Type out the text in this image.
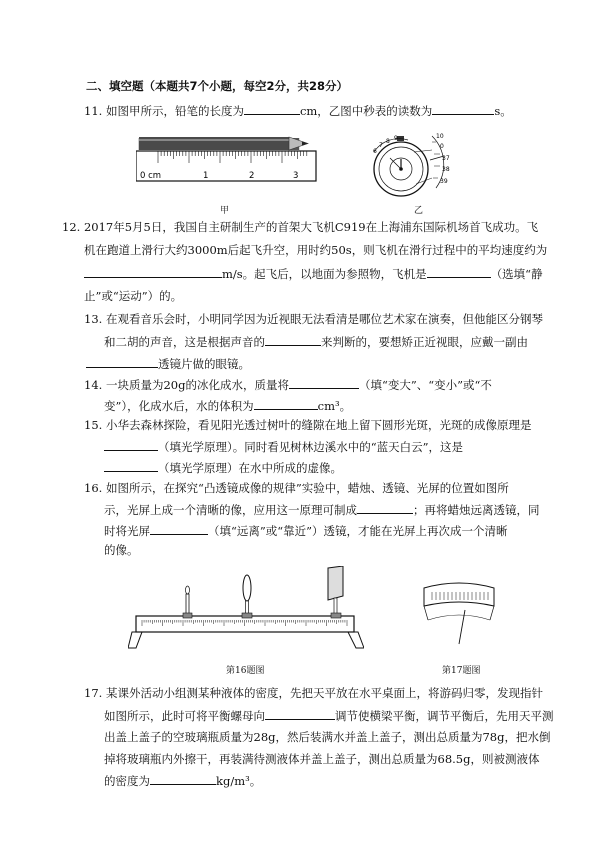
二、填空题（本题共7个小题，每空2分，共28分）
11. 如图甲所示，铅笔的长度为	cm，乙图中秒表的读数为	s。
0 cm	1	2	3
甲
6
7
8 9	10
0
37
38
39
乙
12. 2017年5月5日，我国自主研制生产的首架大飞机C919在上海浦东国际机场首飞成功。飞
机在跑道上滑行大约3000m后起飞升空，用时约50s，则飞机在滑行过程中的平均速度约为
m/s。起飞后，以地面为参照物，飞机是	（选填“静
止”或“运动”）的。
13. 在观看音乐会时，小明同学因为近视眼无法看清是哪位艺术家在演奏，但他能区分钢琴
和二胡的声音，这是根据声音的	来判断的，要想矫正近视眼，应戴一副由
透镜片做的眼镜。
14. 一块质量为20g的冰化成水，质量将	（填“变大”、“变小”或“不
变”），化成水后，水的体积为	cm³。
15. 小华去森林探险，看见阳光透过树叶的缝隙在地上留下圆形光斑，光斑的成像原理是
（填光学原理）。同时看见树林边溪水中的“蓝天白云”，这是
（填光学原理）在水中所成的虚像。
16. 如图所示，在探究“凸透镜成像的规律”实验中，蜡烛、透镜、光屏的位置如图所
示，光屏上成一个清晰的像，应用这一原理可制成	；再将蜡烛远离透镜，同
时将光屏	（填“远离”或“靠近”）透镜，才能在光屏上再次成一个清晰
的像。
第16题图	第17题图
17. 某课外活动小组测某种液体的密度，先把天平放在水平桌面上，将游码归零，发现指针
如图所示，此时可将平衡螺母向	调节使横梁平衡，调节平衡后，先用天平测
出盖上盖子的空玻璃瓶质量为28g，然后装满水并盖上盖子，测出总质量为78g，把水倒
掉将玻璃瓶内外擦干，再装满待测液体并盖上盖子，测出总质量为68.5g，则被测液体
的密度为	kg/m³。
